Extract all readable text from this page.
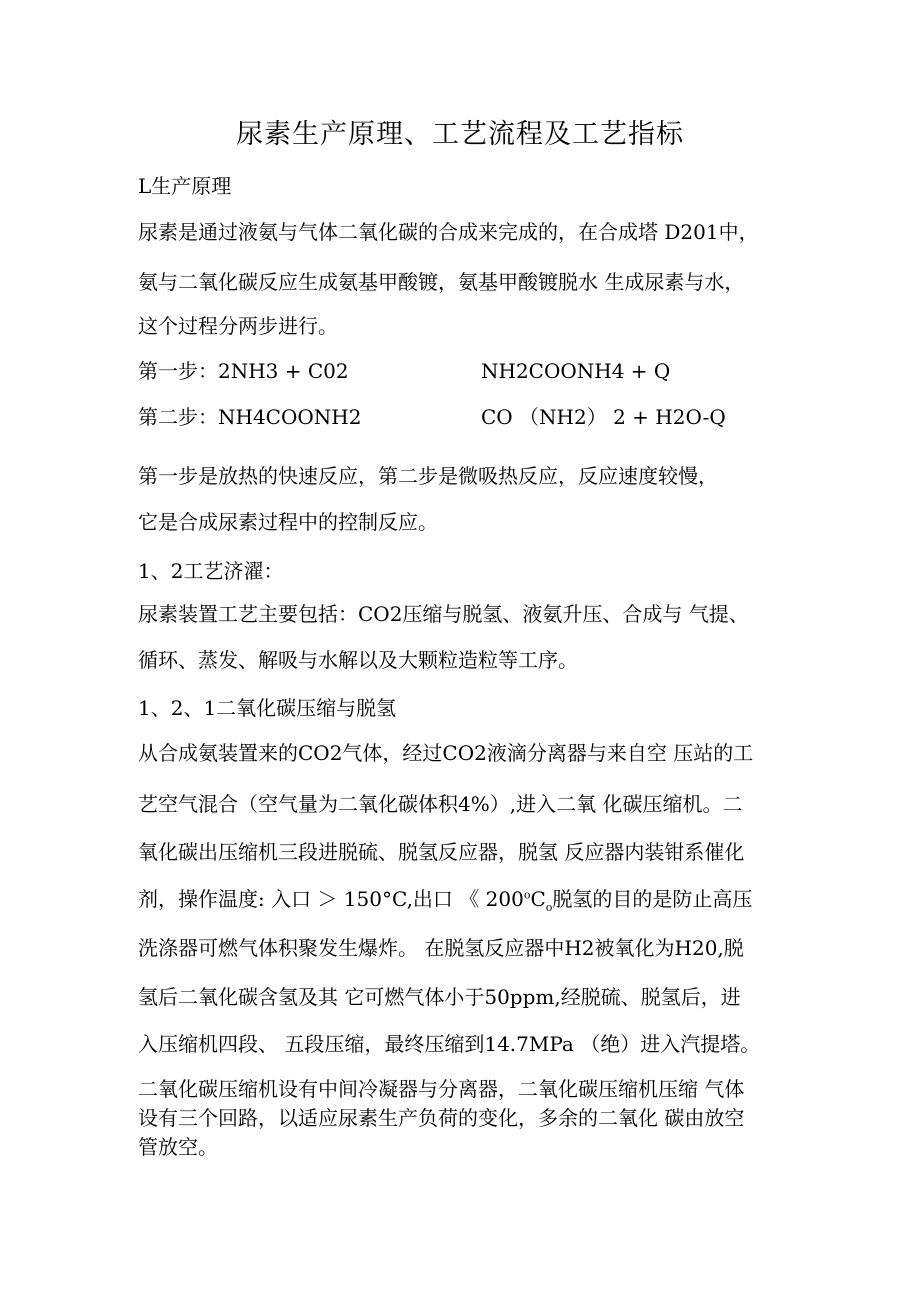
尿素生产原理、工艺流程及工艺指标
L生产原理
尿素是通过液氨与气体二氧化碳的合成来完成的，在合成塔 D201中，
氨与二氧化碳反应生成氨基甲酸镀，氨基甲酸镀脱水 生成尿素与水，
这个过程分两步进行。
第一步：2NH3 + C02	NH2COONH4 + Q
第二步：NH4COONH2	CO （NH2） 2 + H2O-Q
第一步是放热的快速反应，第二步是微吸热反应，反应速度较慢，
它是合成尿素过程中的控制反应。
1、2工艺济濯：
尿素装置工艺主要包括：CO2压缩与脱氢、液氨升压、合成与 气提、
循环、蒸发、解吸与水解以及大颗粒造粒等工序。
1、2、1二氧化碳压缩与脱氢
从合成氨装置来的CO2气体，经过CO2液滴分离器与来自空 压站的工
艺空气混合（空气量为二氧化碳体积4%）,进入二氧 化碳压缩机。二
氧化碳出压缩机三段进脱硫、脱氢反应器，脱氢 反应器内装钳系催化
剂，操作温度: 入口 ＞ 150°C,出口 《 $200^oC_o$脱氢的目的是防止高压
洗涤器可燃气体积聚发生爆炸。 在脱氢反应器中H2被氧化为H20,脱
氢后二氧化碳含氢及其 它可燃气体小于50ppm,经脱硫、脱氢后，进
入压缩机四段、 五段压缩，最终压缩到14.7MPa （绝）进入汽提塔。
二氧化碳压缩机设有中间冷凝器与分离器，二氧化碳压缩机压缩 气体
设有三个回路，以适应尿素生产负荷的变化，多余的二氧化 碳由放空
管放空。
